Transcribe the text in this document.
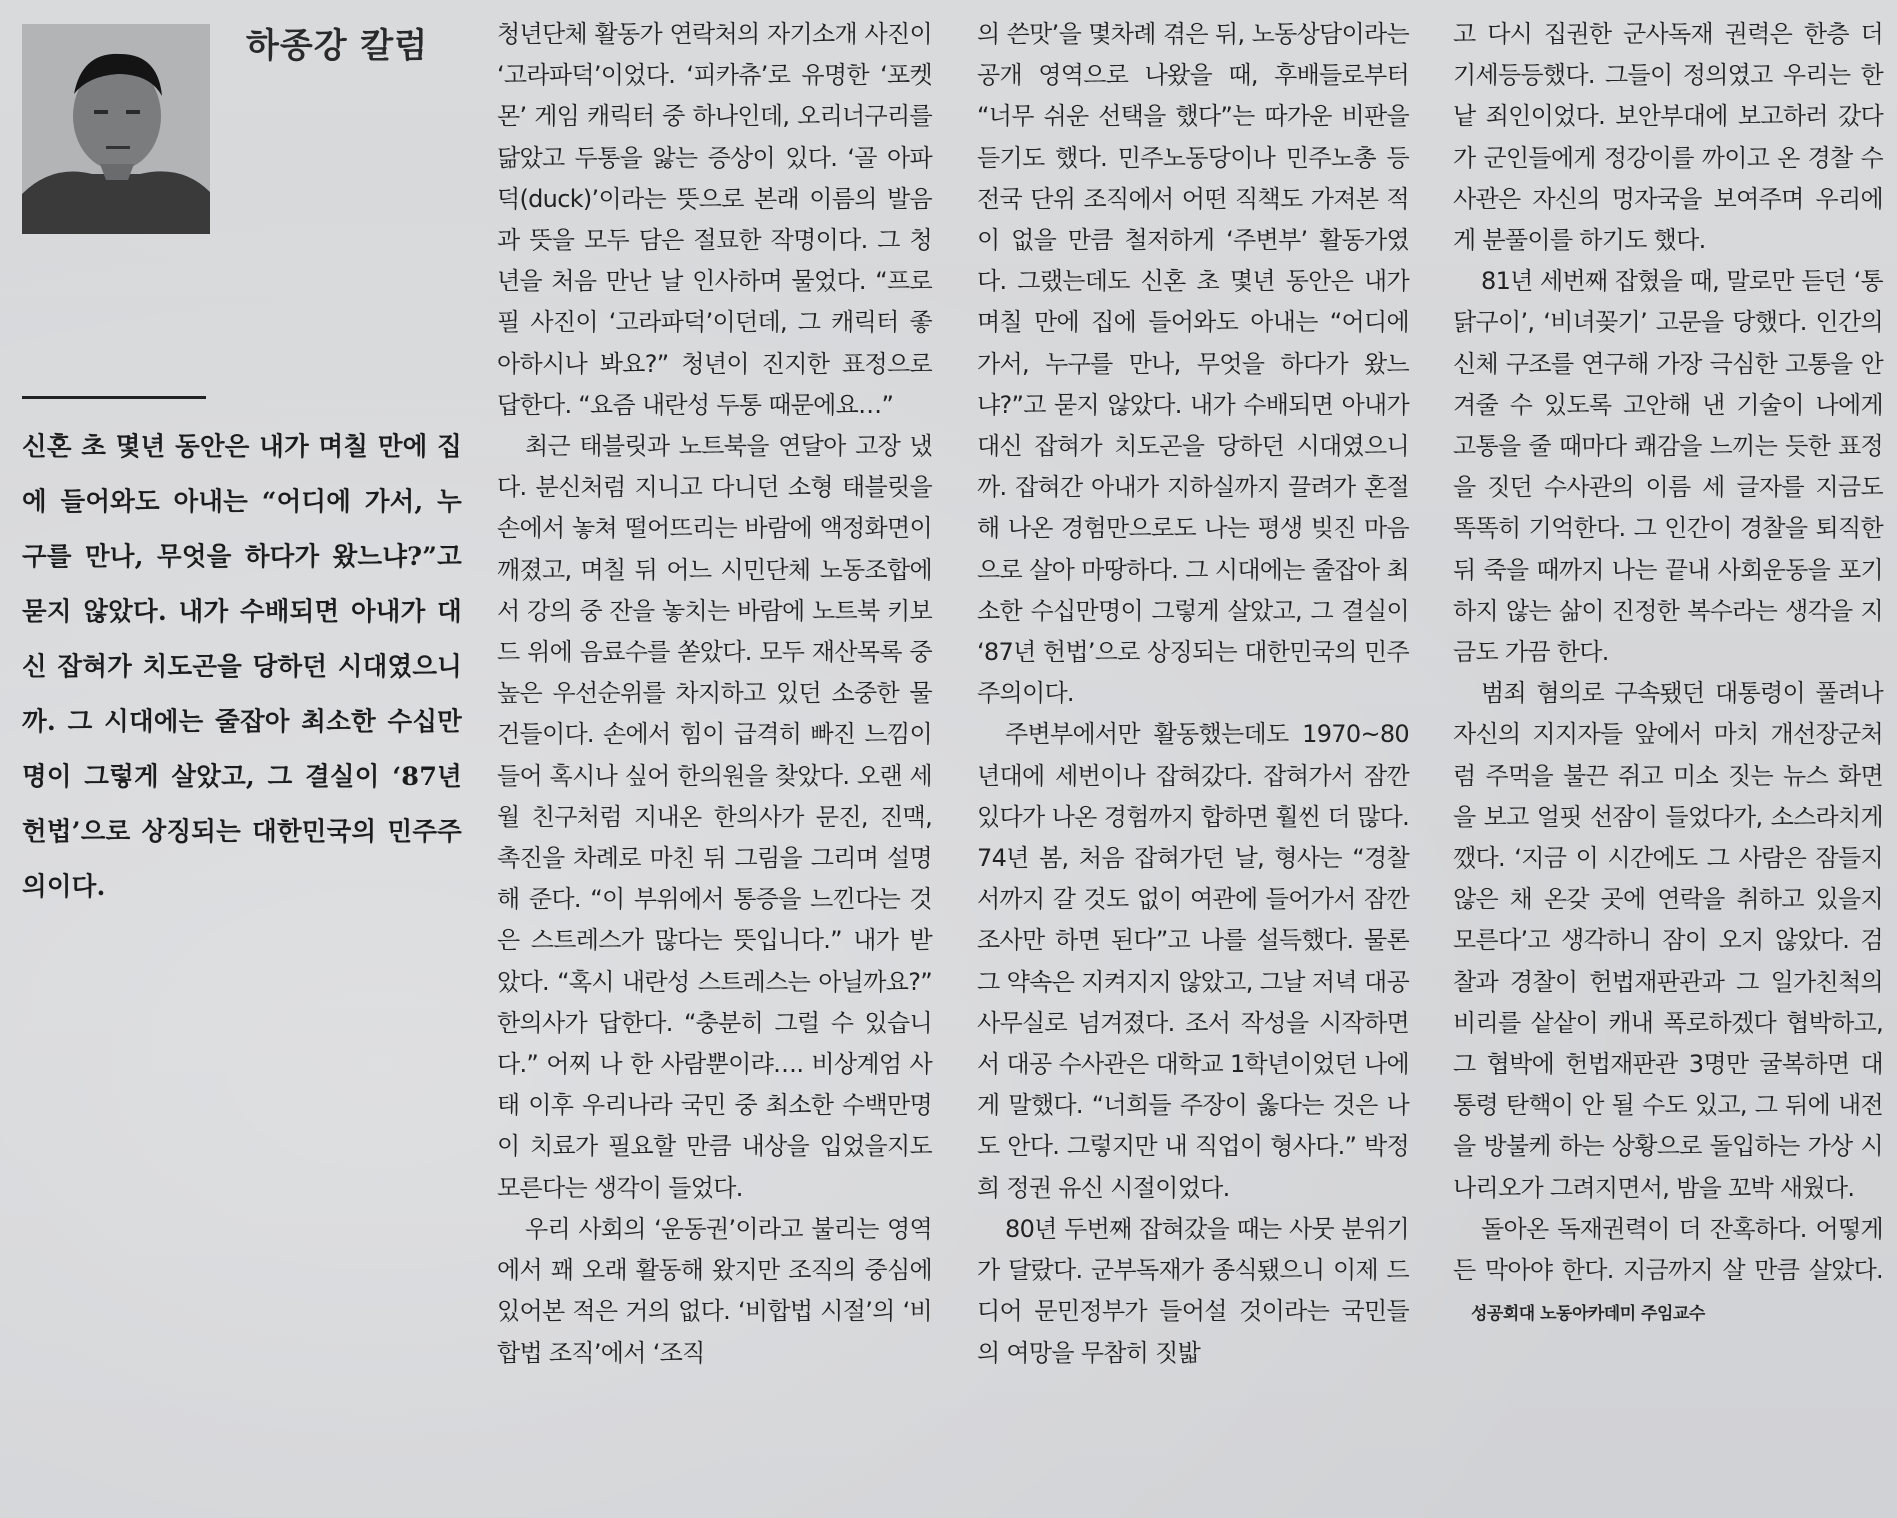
하종강 칼럼
신혼 초 몇년 동안은 내가 며칠 만에 집에 들어와도 아내는 “어디에 가서, 누구를 만나, 무엇을 하다가 왔느냐?”고 묻지 않았다. 내가 수배되면 아내가 대신 잡혀가 치도곤을 당하던 시대였으니까. 그 시대에는 줄잡아 최소한 수십만명이 그렇게 살았고, 그 결실이 ‘87년 헌법’으로 상징되는 대한민국의 민주주의이다.

청년단체 활동가 연락처의 자기소개 사진이 ‘고라파덕’이었다. ‘피카츄’로 유명한 ‘포켓몬’ 게임 캐릭터 중 하나인데, 오리너구리를 닮았고 두통을 앓는 증상이 있다. ‘골 아파 덕(duck)’이라는 뜻으로 본래 이름의 발음과 뜻을 모두 담은 절묘한 작명이다. 그 청년을 처음 만난 날 인사하며 물었다. “프로필 사진이 ‘고라파덕’이던데, 그 캐릭터 좋아하시나 봐요?” 청년이 진지한 표정으로 답한다. “요즘 내란성 두통 때문에요…”

최근 태블릿과 노트북을 연달아 고장 냈다. 분신처럼 지니고 다니던 소형 태블릿을 손에서 놓쳐 떨어뜨리는 바람에 액정화면이 깨졌고, 며칠 뒤 어느 시민단체 노동조합에서 강의 중 잔을 놓치는 바람에 노트북 키보드 위에 음료수를 쏟았다. 모두 재산목록 중 높은 우선순위를 차지하고 있던 소중한 물건들이다. 손에서 힘이 급격히 빠진 느낌이 들어 혹시나 싶어 한의원을 찾았다. 오랜 세월 친구처럼 지내온 한의사가 문진, 진맥, 촉진을 차례로 마친 뒤 그림을 그리며 설명해 준다. “이 부위에서 통증을 느낀다는 것은 스트레스가 많다는 뜻입니다.” 내가 받았다. “혹시 내란성 스트레스는 아닐까요?” 한의사가 답한다. “충분히 그럴 수 있습니다.” 어찌 나 한 사람뿐이랴…. 비상계엄 사태 이후 우리나라 국민 중 최소한 수백만명이 치료가 필요할 만큼 내상을 입었을지도 모른다는 생각이 들었다.

우리 사회의 ‘운동권’이라고 불리는 영역에서 꽤 오래 활동해 왔지만 조직의 중심에 있어본 적은 거의 없다. ‘비합법 시절’의 ‘비합법 조직’에서 ‘조직

의 쓴맛’을 몇차례 겪은 뒤, 노동상담이라는 공개 영역으로 나왔을 때, 후배들로부터 “너무 쉬운 선택을 했다”는 따가운 비판을 듣기도 했다. 민주노동당이나 민주노총 등 전국 단위 조직에서 어떤 직책도 가져본 적이 없을 만큼 철저하게 ‘주변부’ 활동가였다. 그랬는데도 신혼 초 몇년 동안은 내가 며칠 만에 집에 들어와도 아내는 “어디에 가서, 누구를 만나, 무엇을 하다가 왔느냐?”고 묻지 않았다. 내가 수배되면 아내가 대신 잡혀가 치도곤을 당하던 시대였으니까. 잡혀간 아내가 지하실까지 끌려가 혼절해 나온 경험만으로도 나는 평생 빚진 마음으로 살아 마땅하다. 그 시대에는 줄잡아 최소한 수십만명이 그렇게 살았고, 그 결실이 ‘87년 헌법’으로 상징되는 대한민국의 민주주의이다.

주변부에서만 활동했는데도 1970~80년대에 세번이나 잡혀갔다. 잡혀가서 잠깐 있다가 나온 경험까지 합하면 훨씬 더 많다. 74년 봄, 처음 잡혀가던 날, 형사는 “경찰서까지 갈 것도 없이 여관에 들어가서 잠깐 조사만 하면 된다”고 나를 설득했다. 물론 그 약속은 지켜지지 않았고, 그날 저녁 대공사무실로 넘겨졌다. 조서 작성을 시작하면서 대공 수사관은 대학교 1학년이었던 나에게 말했다. “너희들 주장이 옳다는 것은 나도 안다. 그렇지만 내 직업이 형사다.” 박정희 정권 유신 시절이었다.

80년 두번째 잡혀갔을 때는 사뭇 분위기가 달랐다. 군부독재가 종식됐으니 이제 드디어 문민정부가 들어설 것이라는 국민들의 여망을 무참히 짓밟

고 다시 집권한 군사독재 권력은 한층 더 기세등등했다. 그들이 정의였고 우리는 한낱 죄인이었다. 보안부대에 보고하러 갔다가 군인들에게 정강이를 까이고 온 경찰 수사관은 자신의 멍자국을 보여주며 우리에게 분풀이를 하기도 했다.

81년 세번째 잡혔을 때, 말로만 듣던 ‘통닭구이’, ‘비녀꽂기’ 고문을 당했다. 인간의 신체 구조를 연구해 가장 극심한 고통을 안겨줄 수 있도록 고안해 낸 기술이 나에게 고통을 줄 때마다 쾌감을 느끼는 듯한 표정을 짓던 수사관의 이름 세 글자를 지금도 똑똑히 기억한다. 그 인간이 경찰을 퇴직한 뒤 죽을 때까지 나는 끝내 사회운동을 포기하지 않는 삶이 진정한 복수라는 생각을 지금도 가끔 한다.

범죄 혐의로 구속됐던 대통령이 풀려나 자신의 지지자들 앞에서 마치 개선장군처럼 주먹을 불끈 쥐고 미소 짓는 뉴스 화면을 보고 얼핏 선잠이 들었다가, 소스라치게 깼다. ‘지금 이 시간에도 그 사람은 잠들지 않은 채 온갖 곳에 연락을 취하고 있을지 모른다’고 생각하니 잠이 오지 않았다. 검찰과 경찰이 헌법재판관과 그 일가친척의 비리를 샅샅이 캐내 폭로하겠다 협박하고, 그 협박에 헌법재판관 3명만 굴복하면 대통령 탄핵이 안 될 수도 있고, 그 뒤에 내전을 방불케 하는 상황으로 돌입하는 가상 시나리오가 그려지면서, 밤을 꼬박 새웠다.

돌아온 독재권력이 더 잔혹하다. 어떻게든 막아야 한다. 지금까지 살 만큼 살았다.성공회대 노동아카데미 주임교수
